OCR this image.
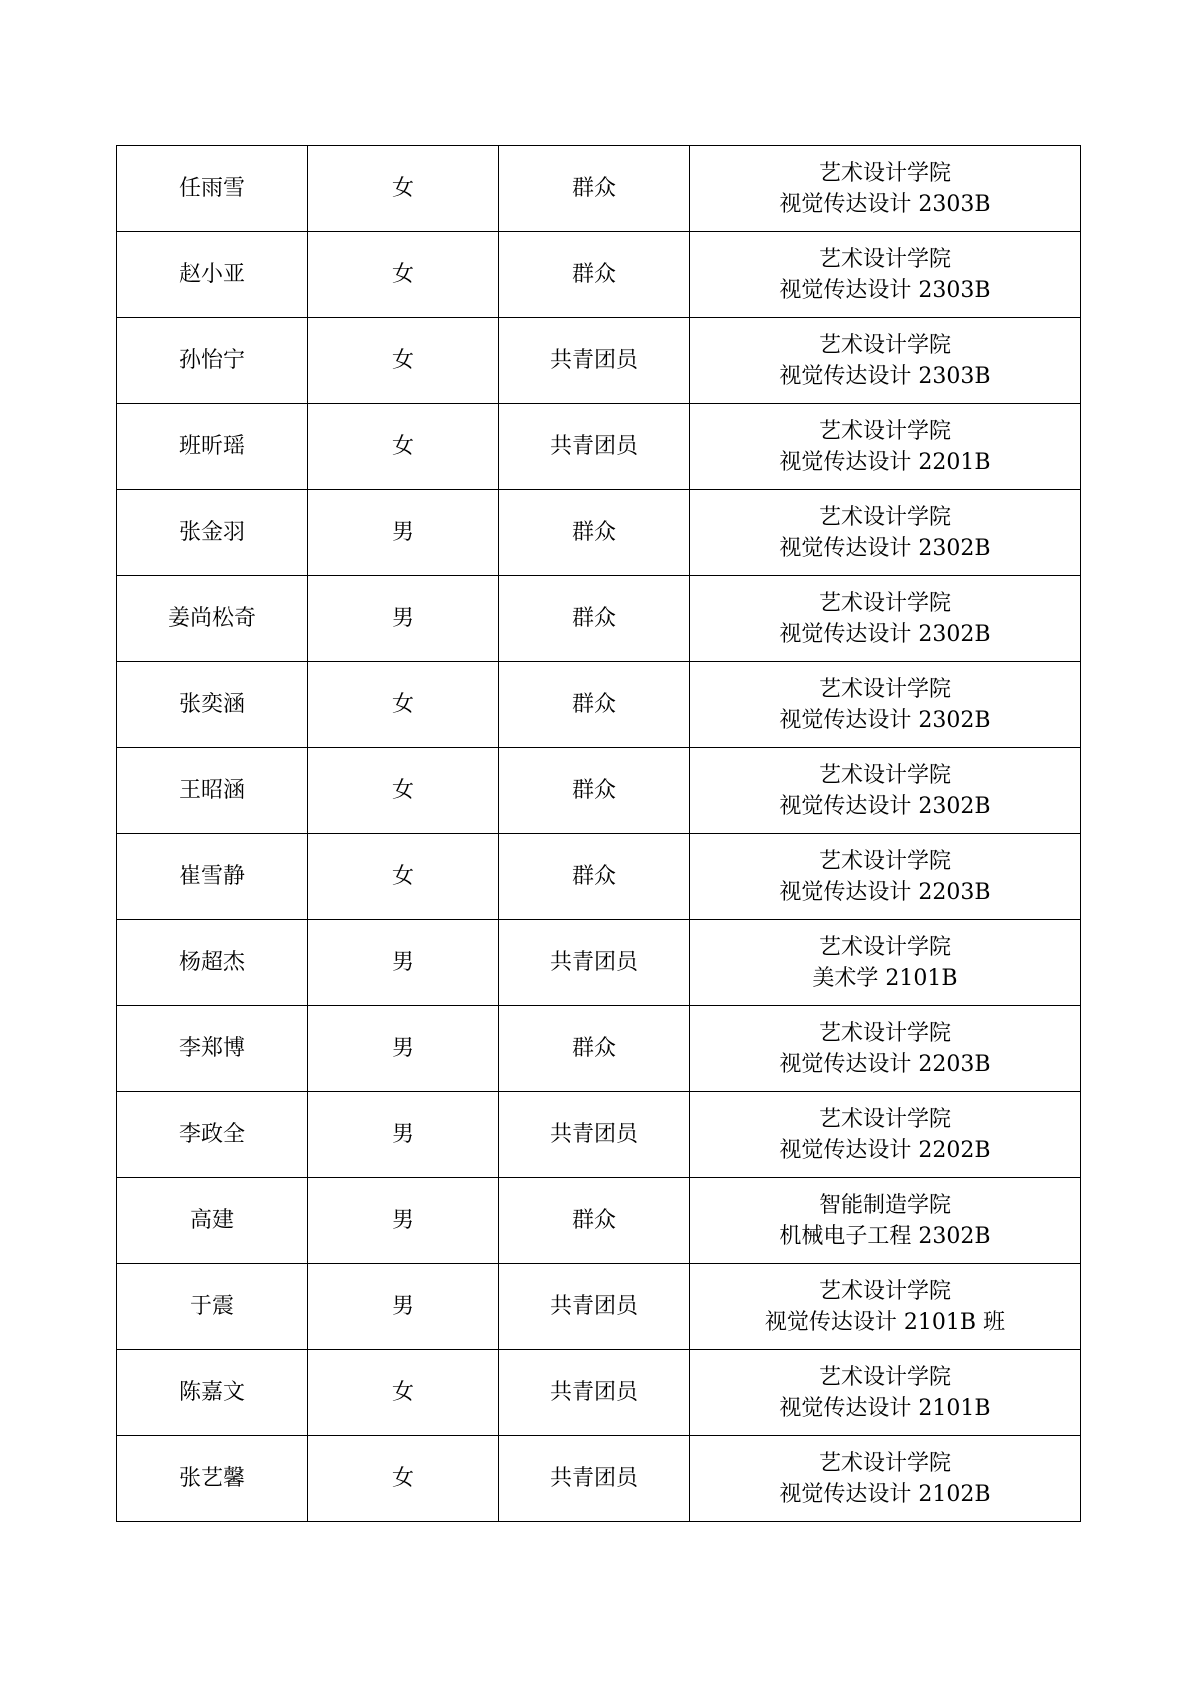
任雨雪	女	群众	艺术设计学院
视觉传达设计 2303B

赵小亚	女	群众	艺术设计学院
视觉传达设计 2303B

孙怡宁	女	共青团员	艺术设计学院
视觉传达设计 2303B

班昕瑶	女	共青团员	艺术设计学院
视觉传达设计 2201B

张金羽	男	群众	艺术设计学院
视觉传达设计 2302B

姜尚松奇	男	群众	艺术设计学院
视觉传达设计 2302B

张奕涵	女	群众	艺术设计学院
视觉传达设计 2302B

王昭涵	女	群众	艺术设计学院
视觉传达设计 2302B

崔雪静	女	群众	艺术设计学院
视觉传达设计 2203B

杨超杰	男	共青团员	艺术设计学院
美术学 2101B

李郑博	男	群众	艺术设计学院
视觉传达设计 2203B

李政全	男	共青团员	艺术设计学院
视觉传达设计 2202B

高建	男	群众	智能制造学院
机械电子工程 2302B

于震	男	共青团员	艺术设计学院
视觉传达设计 2101B 班

陈嘉文	女	共青团员	艺术设计学院
视觉传达设计 2101B

张艺馨	女	共青团员	艺术设计学院
视觉传达设计 2102B
